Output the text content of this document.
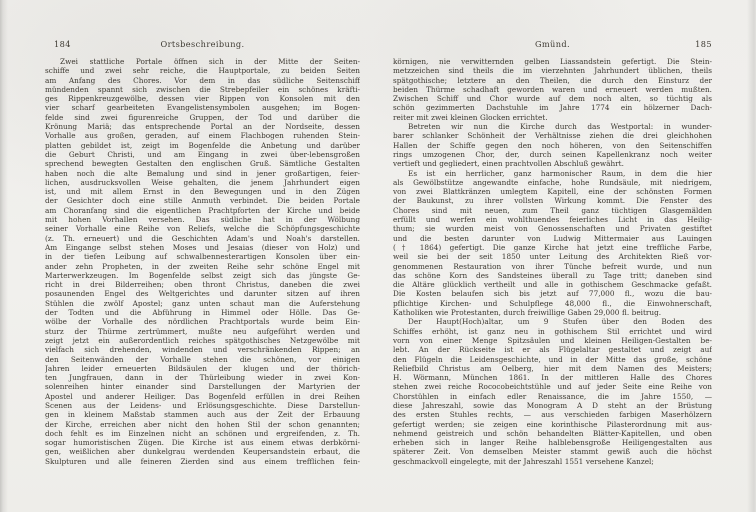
184	Ortsbeschreibung.
Zwei stattliche Portale öffnen sich in der Mitte der Seiten-
schiffe und zwei sehr reiche, die Hauptportale, zu beiden Seiten
am Anfang des Chores. Vor dem in das südliche Seitenschiff
mündenden spannt sich zwischen die Strebepfeiler ein schönes kräfti-
ges Rippenkreuzgewölbe, dessen vier Rippen von Konsolen mit den
vier scharf gearbeiteten Evangelistensymbolen ausgehen; im Bogen-
felde sind zwei figurenreiche Gruppen, der Tod und darüber die
Krönung Mariä; das entsprechende Portal an der Nordseite, dessen
Vorhalle aus großen, geraden, auf einem Flachbogen ruhenden Stein-
platten gebildet ist, zeigt im Bogenfelde die Anbetung und darüber
die Geburt Christi, und am Eingang in zwei über-lebensgroßen
sprechend bewegten Gestalten den englischen Gruß. Sämtliche Gestalten
haben noch die alte Bemalung und sind in jener großartigen, feier-
lichen, ausdrucksvollen Weise gehalten, die jenem Jahrhundert eigen
ist, und mit allem Ernst in den Bewegungen und in den Zügen
der Gesichter doch eine stille Anmuth verbindet. Die beiden Portale
am Choranfang sind die eigentlichen Prachtpforten der Kirche und beide
mit hohen Vorhallen versehen. Das südliche hat in der Wölbung
seiner Vorhalle eine Reihe von Reliefs, welche die Schöpfungsgeschichte
(z. Th. erneuert) und die Geschichten Adam's und Noah's darstellen.
Am Eingange selbst stehen Moses und Jesaias (dieser von Holz) und
in der tiefen Leibung auf schwalbennesterartigen Konsolen über ein-
ander zehn Propheten, in der zweiten Reihe sehr schöne Engel mit
Marterwerkzeugen. Im Bogenfelde selbst zeigt sich das jüngste Ge-
richt in drei Bilderreihen; oben thront Christus, daneben die zwei
posaunenden Engel des Weltgerichtes und darunter sitzen auf ihren
Stühlen die zwölf Apostel; ganz unten schaut man die Auferstehung
der Todten und die Abführung in Himmel oder Hölle. Das Ge-
wölbe der Vorhalle des nördlichen Prachtportals wurde beim Ein-
sturz der Thürme zertrümmert, mußte neu aufgeführt werden und
zeigt jetzt ein außerordentlich reiches spätgothisches Netzgewölbe mit
vielfach sich drehenden, windenden und verschränkenden Rippen; an
den Seitenwänden der Vorhalle stehen die schönen, vor einigen
Jahren leider erneuerten Bildsäulen der klugen und der thörich-
ten Jungfrauen, dann in der Thürleibung wieder in zwei Kon-
solenreihen hinter einander sind Darstellungen der Martyrien der
Apostel und anderer Heiliger. Das Bogenfeld erfüllen in drei Reihen
Scenen aus der Leidens- und Erlösungsgeschichte. Diese Darstellun-
gen in kleinem Maßstab stammen auch aus der Zeit der Erbauung
der Kirche, erreichen aber nicht den hohen Stil der schon genannten;
doch fehlt es im Einzelnen nicht an schönen und ergreifenden, z. Th.
sogar humoristischen Zügen. Die Kirche ist aus einem etwas derbkörni-
gen, weißlichen aber dunkelgrau werdenden Keupersandstein erbaut, die
Skulpturen und alle feineren Zierden sind aus einem trefflichen fein-
Gmünd.	185
körnigen, nie verwitternden gelben Liassandstein gefertigt. Die Stein-
metzzeichen sind theils die im vierzehnten Jahrhundert üblichen, theils
spätgothische; letztere an den Theilen, die durch den Einsturz der
beiden Thürme schadhaft geworden waren und erneuert werden mußten.
Zwischen Schiff und Chor wurde auf dem noch alten, so tüchtig als
schön gezimmerten Dachstuhle im Jahre 1774 ein hölzerner Dach-
reiter mit zwei kleinen Glocken errichtet.
Betreten wir nun die Kirche durch das Westportal: in wunder-
barer schlanker Schönheit der Verhältnisse ziehen die drei gleichhohen
Hallen der Schiffe gegen den noch höheren, von den Seitenschiffen
rings umzogenen Chor, der, durch seinen Kapellenkranz noch weiter
vertieft und gegliedert, einen prachtvollen Abschluß gewährt.
Es ist ein herrlicher, ganz harmonischer Raum, in dem die hier
als Gewölbstütze angewandte einfache, hohe Rundsäule, mit niedrigem,
von zwei Blattkränzen umlegtem Kapitell, eine der schönsten Formen
der Baukunst, zu ihrer vollsten Wirkung kommt. Die Fenster des
Chores sind mit neuen, zum Theil ganz tüchtigen Glasgemälden
erfüllt und werfen ein wohlthuendes feierliches Licht in das Heilig-
thum; sie wurden meist von Genossenschaften und Privaten gestiftet
und die besten darunter von Ludwig Mittermaier aus Lauingen
(† 1864) gefertigt. Die ganze Kirche hat jetzt eine treffliche Farbe,
weil sie bei der seit 1850 unter Leitung des Architekten Rieß vor-
genommenen Restauration von ihrer Tünche befreit wurde, und nun
das schöne Korn des Sandsteines überall zu Tage tritt; daneben sind
die Altäre glücklich vertheilt und alle in gothischem Geschmacke gefaßt.
Die Kosten belaufen sich bis jetzt auf 77,000 fl., wozu die bau-
pflichtige Kirchen- und Schulpflege 48,000 fl., die Einwohnerschaft,
Katholiken wie Protestanten, durch freiwillige Gaben 29,000 fl. beitrug.
Der Haupt(Hoch)altar, um 9 Stufen über den Boden des
Schiffes erhöht, ist ganz neu in gothischem Stil errichtet und wird
vorn von einer Menge Spitzsäulen und kleinen Heiligen-Gestalten be-
lebt. An der Rückseite ist er als Flügelaltar gestaltet und zeigt auf
den Flügeln die Leidensgeschichte, und in der Mitte das große, schöne
Reliefbild Christus am Oelberg, hier mit dem Namen des Meisters;
H. Wörmann, München 1861. In der mittleren Halle des Chores
stehen zwei reiche Rococobeichtstühle und auf jeder Seite eine Reihe von
Chorstühlen in einfach edler Renaissance, die im Jahre 1550, —
diese Jahreszahl, sowie das Monogram A D steht an der Brüstung
des ersten Stuhles rechts, — aus verschieden farbigen Maserhölzern
gefertigt werden; sie zeigen eine korinthische Pilasterordnung mit aus-
nehmend geistreich und schön behandelten Blätter-Kapitellen, und oben
erheben sich in langer Reihe halblebensgroße Heiligengestalten aus
späterer Zeit. Von demselben Meister stammt gewiß auch die höchst
geschmackvoll eingelegte, mit der Jahreszahl 1551 versehene Kanzel;
